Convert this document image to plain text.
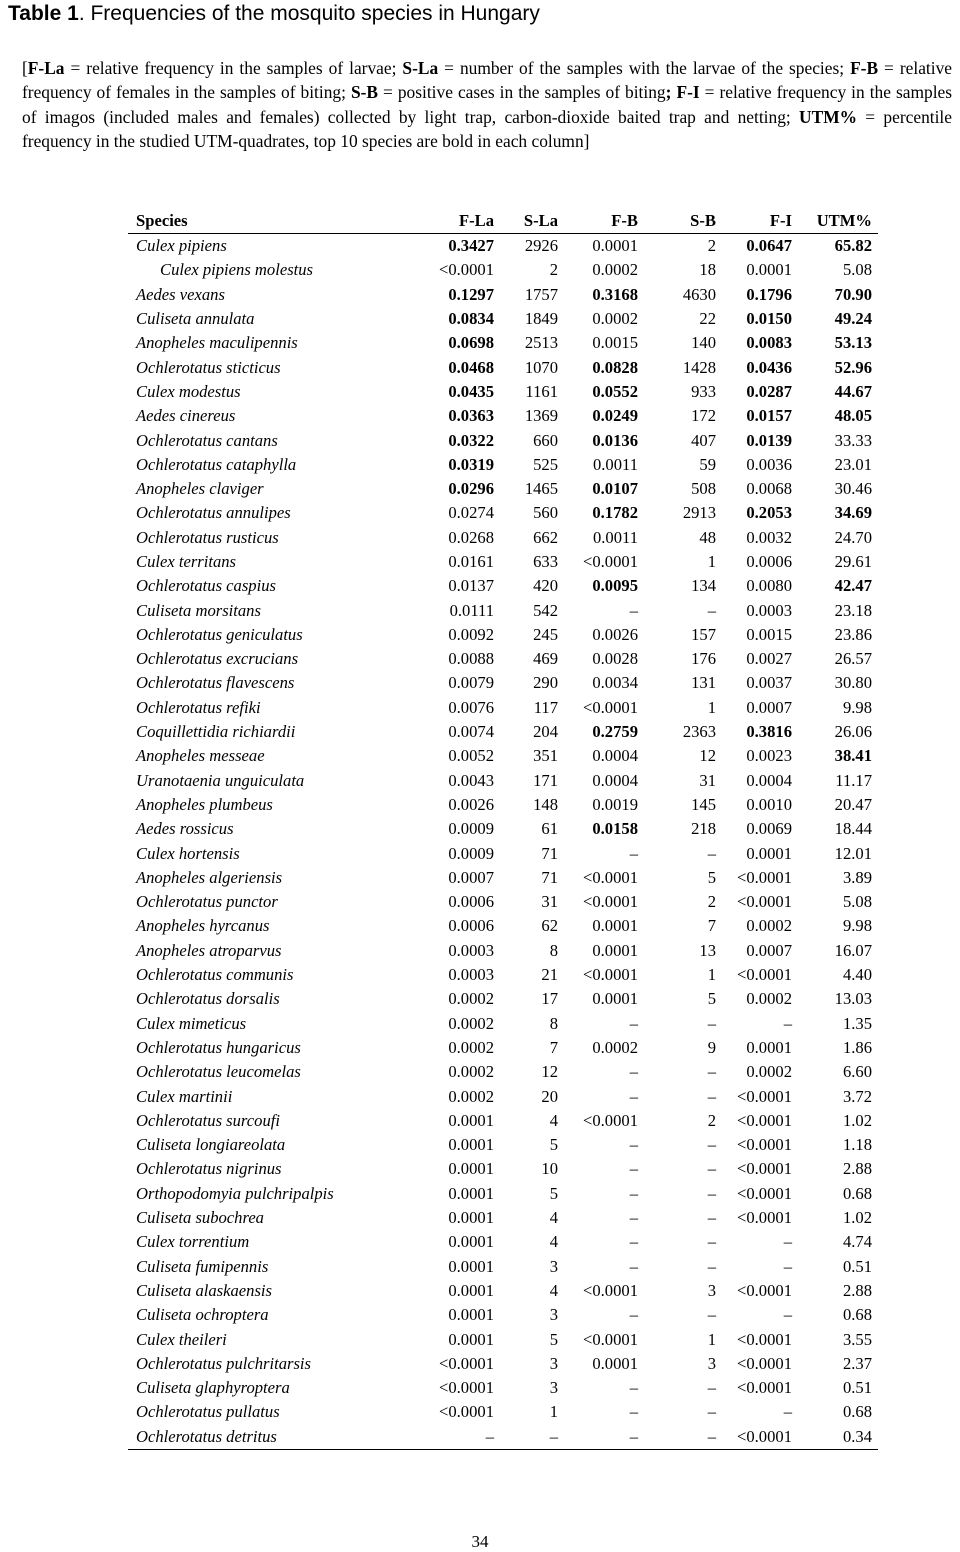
Table 1. Frequencies of the mosquito species in Hungary
[F-La = relative frequency in the samples of larvae; S-La = number of the samples with the larvae of the species; F-B = relative frequency of females in the samples of biting; S-B = positive cases in the samples of biting; F-I = relative frequency in the samples of imagos (included males and females) collected by light trap, carbon-dioxide baited trap and netting; UTM% = percentile frequency in the studied UTM-quadrates, top 10 species are bold in each column]
Species	F-La	S-La	F-B	S-B	F-I	UTM%
Culex pipiens	0.3427	2926	0.0001	2	0.0647	65.82
Culex pipiens molestus	<0.0001	2	0.0002	18	0.0001	5.08
Aedes vexans	0.1297	1757	0.3168	4630	0.1796	70.90
Culiseta annulata	0.0834	1849	0.0002	22	0.0150	49.24
Anopheles maculipennis	0.0698	2513	0.0015	140	0.0083	53.13
Ochlerotatus sticticus	0.0468	1070	0.0828	1428	0.0436	52.96
Culex modestus	0.0435	1161	0.0552	933	0.0287	44.67
Aedes cinereus	0.0363	1369	0.0249	172	0.0157	48.05
Ochlerotatus cantans	0.0322	660	0.0136	407	0.0139	33.33
Ochlerotatus cataphylla	0.0319	525	0.0011	59	0.0036	23.01
Anopheles claviger	0.0296	1465	0.0107	508	0.0068	30.46
Ochlerotatus annulipes	0.0274	560	0.1782	2913	0.2053	34.69
Ochlerotatus rusticus	0.0268	662	0.0011	48	0.0032	24.70
Culex territans	0.0161	633	<0.0001	1	0.0006	29.61
Ochlerotatus caspius	0.0137	420	0.0095	134	0.0080	42.47
Culiseta morsitans	0.0111	542	–	–	0.0003	23.18
Ochlerotatus geniculatus	0.0092	245	0.0026	157	0.0015	23.86
Ochlerotatus excrucians	0.0088	469	0.0028	176	0.0027	26.57
Ochlerotatus flavescens	0.0079	290	0.0034	131	0.0037	30.80
Ochlerotatus refiki	0.0076	117	<0.0001	1	0.0007	9.98
Coquillettidia richiardii	0.0074	204	0.2759	2363	0.3816	26.06
Anopheles messeae	0.0052	351	0.0004	12	0.0023	38.41
Uranotaenia unguiculata	0.0043	171	0.0004	31	0.0004	11.17
Anopheles plumbeus	0.0026	148	0.0019	145	0.0010	20.47
Aedes rossicus	0.0009	61	0.0158	218	0.0069	18.44
Culex hortensis	0.0009	71	–	–	0.0001	12.01
Anopheles algeriensis	0.0007	71	<0.0001	5	<0.0001	3.89
Ochlerotatus punctor	0.0006	31	<0.0001	2	<0.0001	5.08
Anopheles hyrcanus	0.0006	62	0.0001	7	0.0002	9.98
Anopheles atroparvus	0.0003	8	0.0001	13	0.0007	16.07
Ochlerotatus communis	0.0003	21	<0.0001	1	<0.0001	4.40
Ochlerotatus dorsalis	0.0002	17	0.0001	5	0.0002	13.03
Culex mimeticus	0.0002	8	–	–	–	1.35
Ochlerotatus hungaricus	0.0002	7	0.0002	9	0.0001	1.86
Ochlerotatus leucomelas	0.0002	12	–	–	0.0002	6.60
Culex martinii	0.0002	20	–	–	<0.0001	3.72
Ochlerotatus surcoufi	0.0001	4	<0.0001	2	<0.0001	1.02
Culiseta longiareolata	0.0001	5	–	–	<0.0001	1.18
Ochlerotatus nigrinus	0.0001	10	–	–	<0.0001	2.88
Orthopodomyia pulchripalpis	0.0001	5	–	–	<0.0001	0.68
Culiseta subochrea	0.0001	4	–	–	<0.0001	1.02
Culex torrentium	0.0001	4	–	–	–	4.74
Culiseta fumipennis	0.0001	3	–	–	–	0.51
Culiseta alaskaensis	0.0001	4	<0.0001	3	<0.0001	2.88
Culiseta ochroptera	0.0001	3	–	–	–	0.68
Culex theileri	0.0001	5	<0.0001	1	<0.0001	3.55
Ochlerotatus pulchritarsis	<0.0001	3	0.0001	3	<0.0001	2.37
Culiseta glaphyroptera	<0.0001	3	–	–	<0.0001	0.51
Ochlerotatus pullatus	<0.0001	1	–	–	–	0.68
Ochlerotatus detritus	–	–	–	–	<0.0001	0.34
34
